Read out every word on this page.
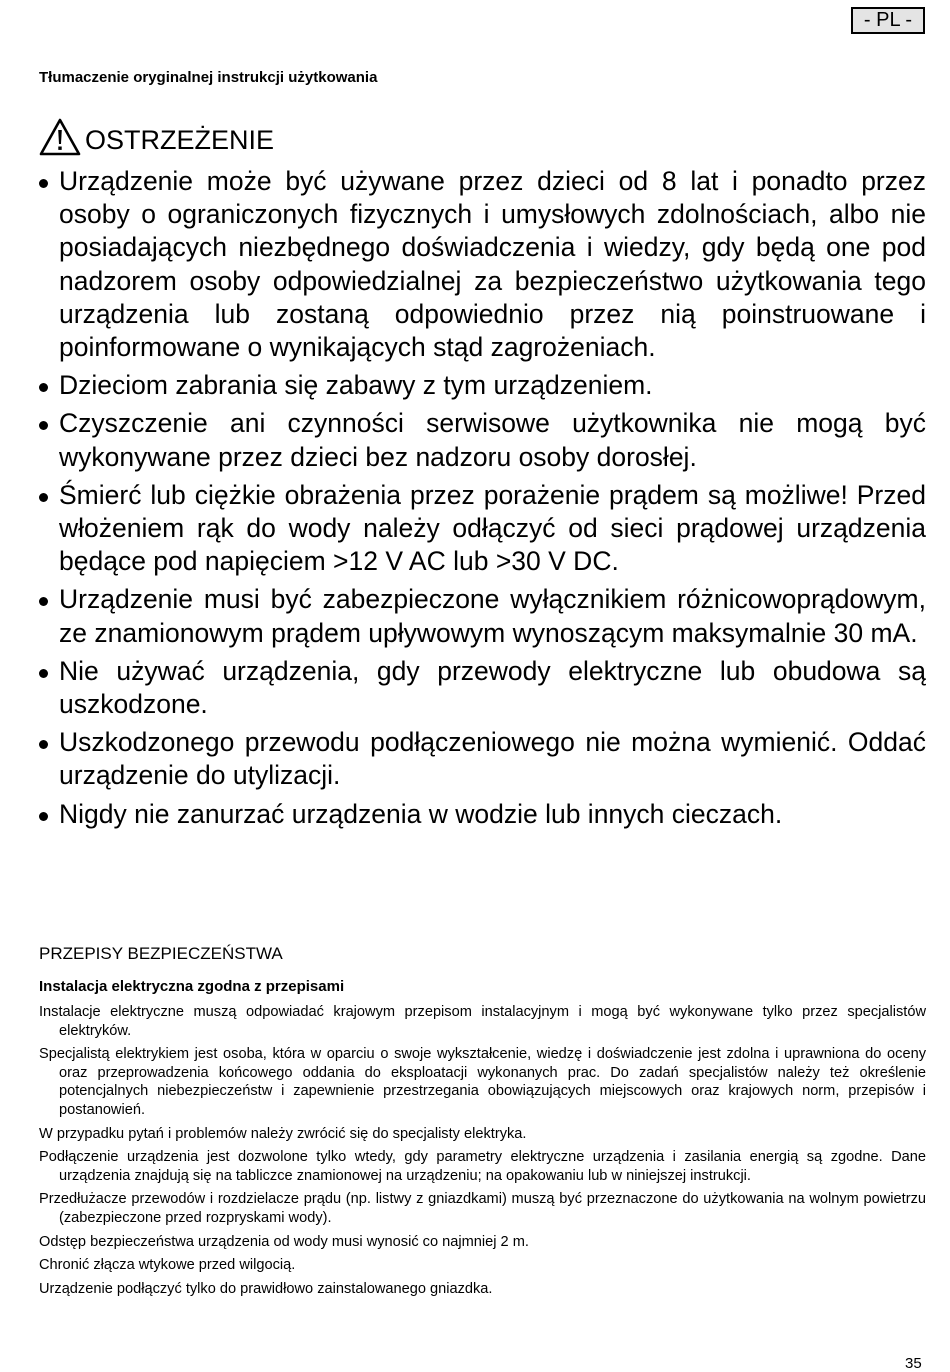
- PL -
Tłumaczenie oryginalnej instrukcji użytkowania
OSTRZEŻENIE
Urządzenie może być używane przez dzieci od 8 lat i ponadto przez osoby o ograniczonych fizycznych i umysłowych zdolnościach, albo nie posiadających niezbędnego doświadczenia i wiedzy, gdy będą one pod nadzorem osoby odpowiedzialnej za bezpieczeństwo użytkowania tego urządzenia lub zostaną odpowiednio przez nią poinstruowane i poinformowane o wynikających stąd zagrożeniach.
Dzieciom zabrania się zabawy z tym urządzeniem.
Czyszczenie ani czynności serwisowe użytkownika nie mogą być wykonywane przez dzieci bez nadzoru osoby dorosłej.
Śmierć lub ciężkie obrażenia przez porażenie prądem są możliwe! Przed włożeniem rąk do wody należy odłączyć od sieci prądowej urządzenia będące pod napięciem >12 V AC lub >30 V DC.
Urządzenie musi być zabezpieczone wyłącznikiem różnicowoprądowym, ze znamionowym prądem upływowym wynoszącym maksymalnie 30 mA.
Nie używać urządzenia, gdy przewody elektryczne lub obudowa są uszkodzone.
Uszkodzonego przewodu podłączeniowego nie można wymienić. Oddać urządzenie do utylizacji.
Nigdy nie zanurzać urządzenia w wodzie lub innych cieczach.
PRZEPISY BEZPIECZEŃSTWA
Instalacja elektryczna zgodna z przepisami

Instalacje elektryczne muszą odpowiadać krajowym przepisom instalacyjnym i mogą być wykonywane tylko przez specjalistów elektryków.

Specjalistą elektrykiem jest osoba, która w oparciu o swoje wykształcenie, wiedzę i doświadczenie jest zdolna i uprawniona do oceny oraz przeprowadzenia końcowego oddania do eksploatacji wykonanych prac. Do zadań specjalistów należy też określenie potencjalnych niebezpieczeństw i zapewnienie przestrzegania obowiązujących miejscowych oraz krajowych norm, przepisów i postanowień.

W przypadku pytań i problemów należy zwrócić się do specjalisty elektryka.

Podłączenie urządzenia jest dozwolone tylko wtedy, gdy parametry elektryczne urządzenia i zasilania energią są zgodne. Dane urządzenia znajdują się na tabliczce znamionowej na urządzeniu; na opakowaniu lub w niniejszej instrukcji.

Przedłużacze przewodów i rozdzielacze prądu (np. listwy z gniazdkami) muszą być przeznaczone do użytkowania na wolnym powietrzu (zabezpieczone przed rozpryskami wody).

Odstęp bezpieczeństwa urządzenia od wody musi wynosić co najmniej 2 m.

Chronić złącza wtykowe przed wilgocią.

Urządzenie podłączyć tylko do prawidłowo zainstalowanego gniazdka.

35
